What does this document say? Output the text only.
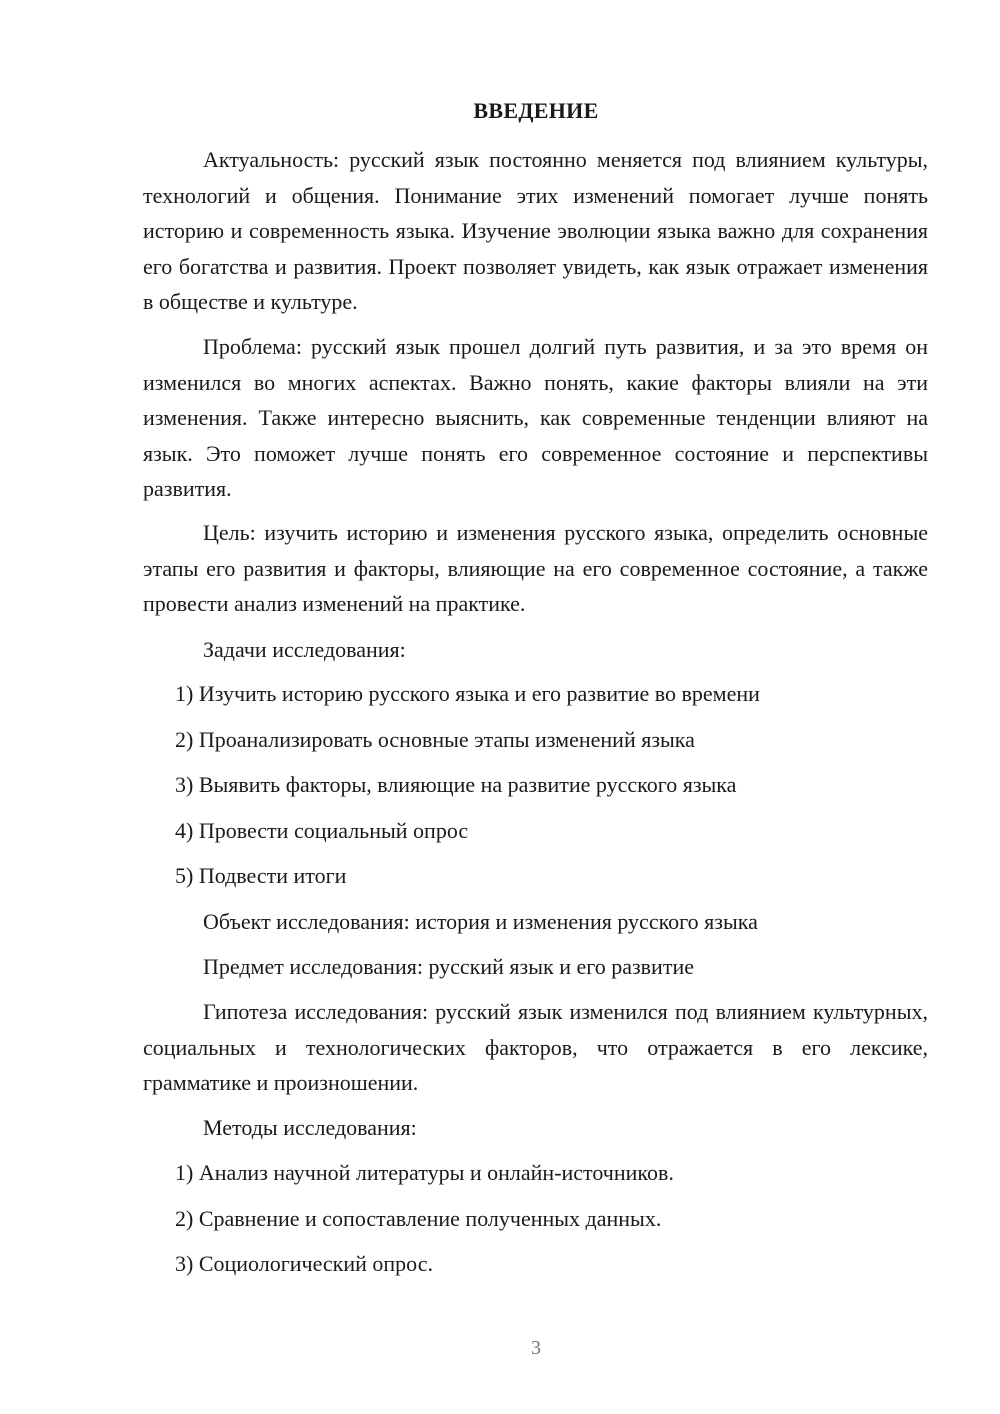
ВВЕДЕНИЕ

Актуальность: русский язык постоянно меняется под влиянием культуры, технологий и общения. Понимание этих изменений помогает лучше понять историю и современность языка. Изучение эволюции языка важно для сохранения его богатства и развития. Проект позволяет увидеть, как язык отражает изменения в обществе и культуре.

Проблема: русский язык прошел долгий путь развития, и за это время он изменился во многих аспектах. Важно понять, какие факторы влияли на эти изменения. Также интересно выяснить, как современные тенденции влияют на язык. Это поможет лучше понять его современное состояние и перспективы развития.

Цель: изучить историю и изменения русского языка, определить основные этапы его развития и факторы, влияющие на его современное состояние, а также провести анализ изменений на практике.

Задачи исследования:
1) Изучить историю русского языка и его развитие во времени
2) Проанализировать основные этапы изменений языка
3) Выявить факторы, влияющие на развитие русского языка
4) Провести социальный опрос
5) Подвести итоги
Объект исследования: история и изменения русского языка
Предмет исследования: русский язык и его развитие

Гипотеза исследования: русский язык изменился под влиянием культурных, социальных и технологических факторов, что отражается в его лексике, грамматике и произношении.

Методы исследования:
1) Анализ научной литературы и онлайн-источников.
2) Сравнение и сопоставление полученных данных.
3) Социологический опрос.
3
